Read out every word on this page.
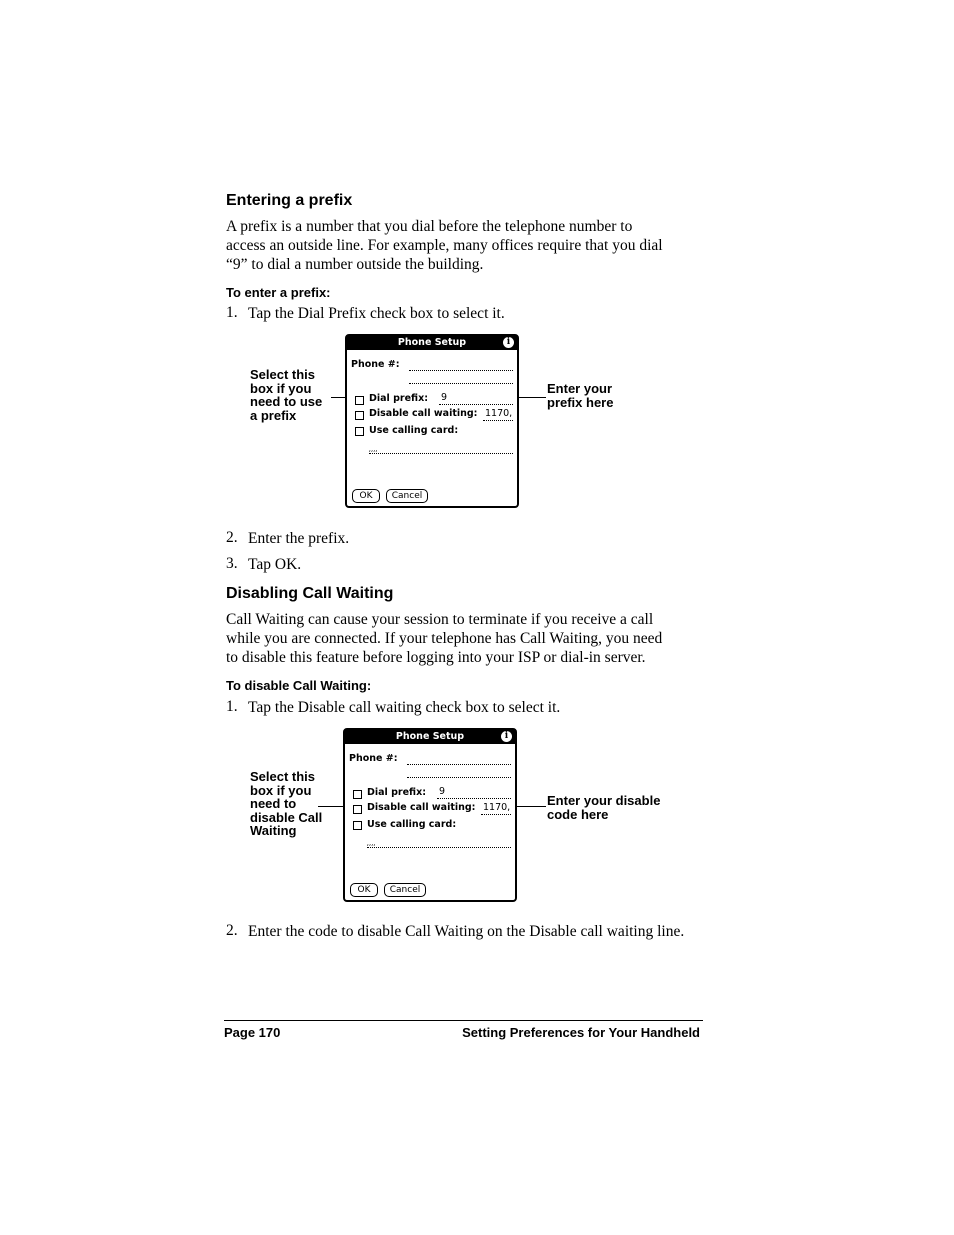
Entering a prefix
A prefix is a number that you dial before the telephone number to
access an outside line. For example, many offices require that you dial
“9” to dial a number outside the building.
To enter a prefix:
1. Tap the Dial Prefix check box to select it.
Select this
box if you
need to use
a prefix
Enter your
prefix here
Phone Setup	i
Phone #:
Dial prefix: 9
Disable call waiting: 1170,
Use calling card:
,,,,
OK	Cancel
2. Enter the prefix.
3. Tap OK.
Disabling Call Waiting
Call Waiting can cause your session to terminate if you receive a call
while you are connected. If your telephone has Call Waiting, you need
to disable this feature before logging into your ISP or dial-in server.
To disable Call Waiting:
1. Tap the Disable call waiting check box to select it.
Select this
box if you
need to
disable Call
Waiting
Enter your disable
code here
Phone Setup	i
Phone #:
Dial prefix: 9
Disable call waiting: 1170,
Use calling card:
,,,,
OK	Cancel
2. Enter the code to disable Call Waiting on the Disable call waiting line.
Page 170	Setting Preferences for Your Handheld
